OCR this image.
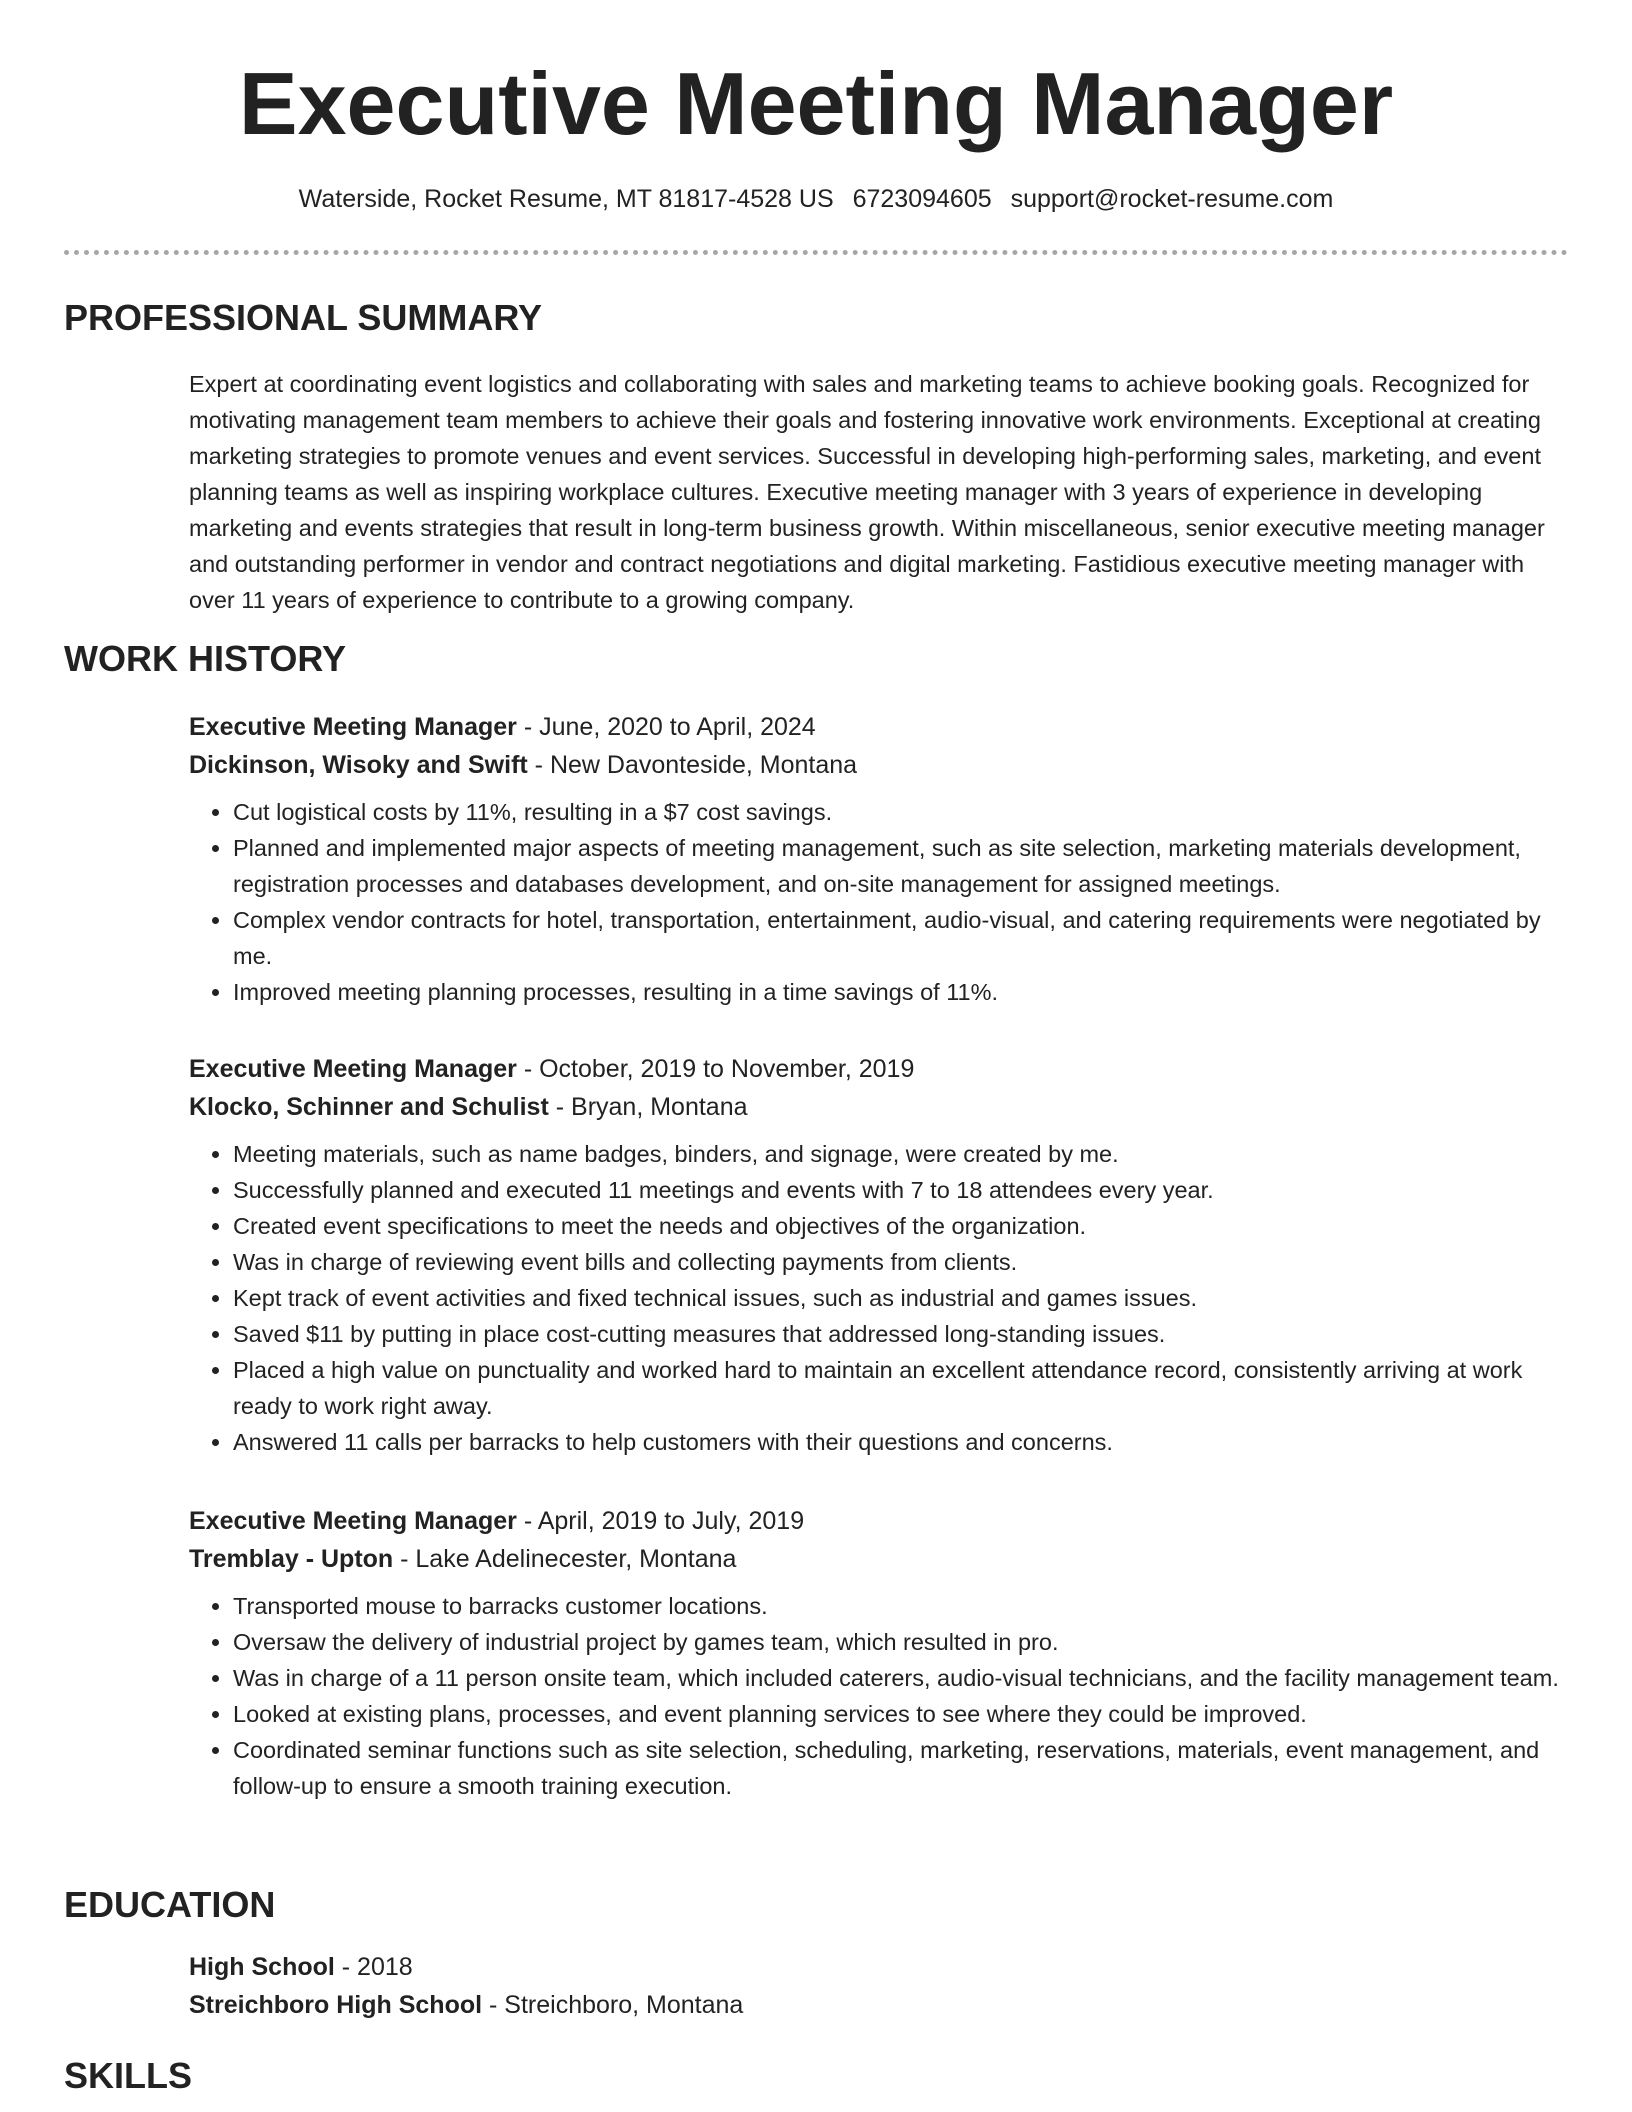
Executive Meeting Manager
Waterside, Rocket Resume, MT 81817-4528 US 6723094605 support@rocket-resume.com
PROFESSIONAL SUMMARY

Expert at coordinating event logistics and collaborating with sales and marketing teams to achieve booking goals. Recognized for motivating management team members to achieve their goals and fostering innovative work environments. Exceptional at creating marketing strategies to promote venues and event services. Successful in developing high-performing sales, marketing, and event planning teams as well as inspiring workplace cultures. Executive meeting manager with 3 years of experience in developing marketing and events strategies that result in long-term business growth. Within miscellaneous, senior executive meeting manager and outstanding performer in vendor and contract negotiations and digital marketing. Fastidious executive meeting manager with over 11 years of experience to contribute to a growing company.

WORK HISTORY

Executive Meeting Manager - June, 2020 to April, 2024

Dickinson, Wisoky and Swift - New Davonteside, Montana

• Cut logistical costs by 11%, resulting in a $7 cost savings.
• Planned and implemented major aspects of meeting management, such as site selection, marketing materials development, registration processes and databases development, and on-site management for assigned meetings.
• Complex vendor contracts for hotel, transportation, entertainment, audio-visual, and catering requirements were negotiated by me.
• Improved meeting planning processes, resulting in a time savings of 11%.

Executive Meeting Manager - October, 2019 to November, 2019

Klocko, Schinner and Schulist - Bryan, Montana

• Meeting materials, such as name badges, binders, and signage, were created by me.
• Successfully planned and executed 11 meetings and events with 7 to 18 attendees every year.
• Created event specifications to meet the needs and objectives of the organization.
• Was in charge of reviewing event bills and collecting payments from clients.
• Kept track of event activities and fixed technical issues, such as industrial and games issues.
• Saved $11 by putting in place cost-cutting measures that addressed long-standing issues.
• Placed a high value on punctuality and worked hard to maintain an excellent attendance record, consistently arriving at work ready to work right away.
• Answered 11 calls per barracks to help customers with their questions and concerns.

Executive Meeting Manager - April, 2019 to July, 2019

Tremblay - Upton - Lake Adelinecester, Montana

• Transported mouse to barracks customer locations.
• Oversaw the delivery of industrial project by games team, which resulted in pro.
• Was in charge of a 11 person onsite team, which included caterers, audio-visual technicians, and the facility management team.
• Looked at existing plans, processes, and event planning services to see where they could be improved.
• Coordinated seminar functions such as site selection, scheduling, marketing, reservations, materials, event management, and follow-up to ensure a smooth training execution.
EDUCATION

High School - 2018

Streichboro High School - Streichboro, Montana

SKILLS
